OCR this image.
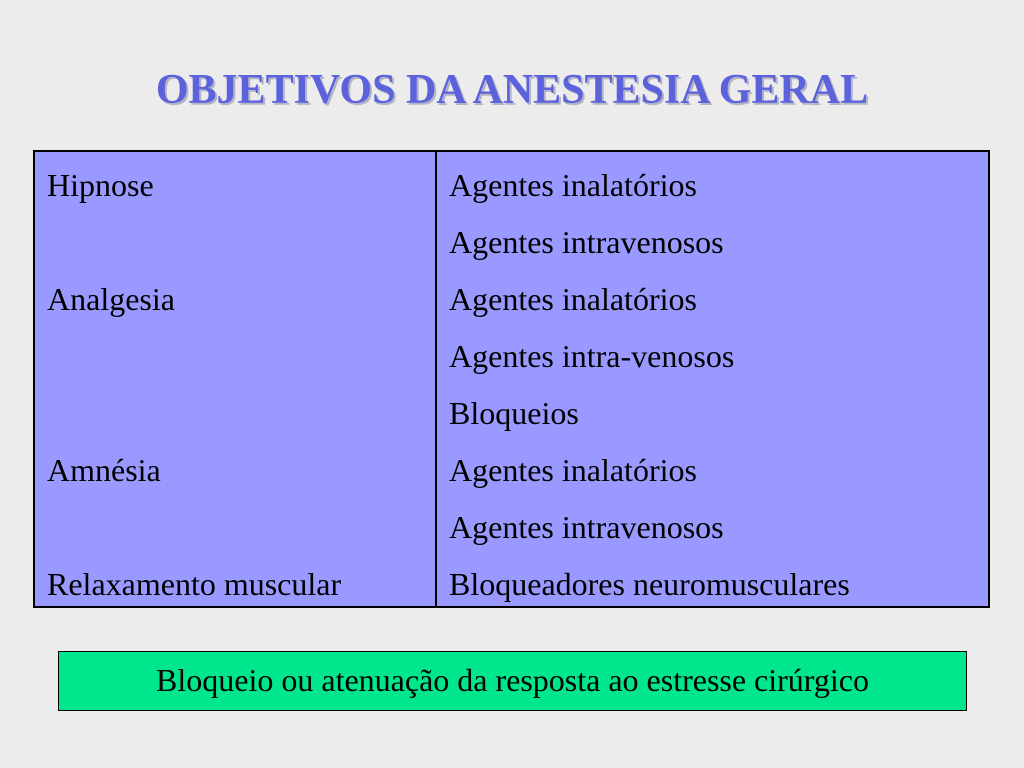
OBJETIVOS DA ANESTESIA GERAL
Hipnose
Analgesia
Amnésia
Relaxamento muscular
Agentes inalatórios
Agentes intravenosos
Agentes inalatórios
Agentes intra-venosos
Bloqueios
Agentes inalatórios
Agentes intravenosos
Bloqueadores neuromusculares
Bloqueio ou atenuação da resposta ao estresse cirúrgico
